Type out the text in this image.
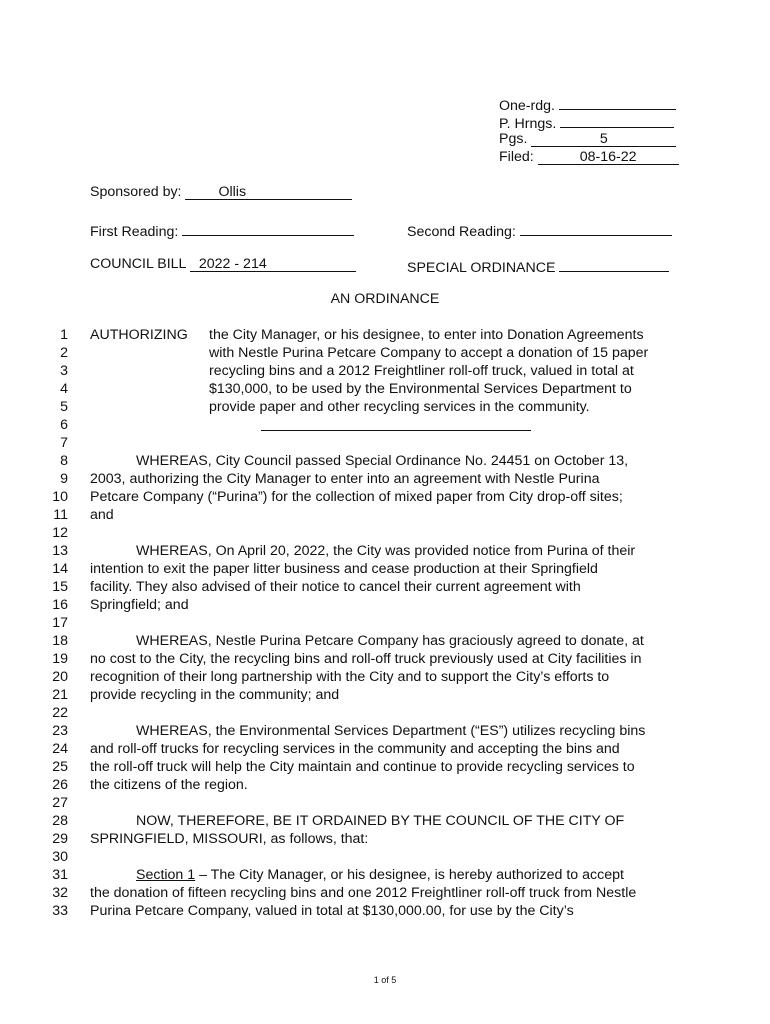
One-rdg.
P. Hrngs.
Pgs.	5
Filed:	08-16-22
Sponsored by:	Ollis
First Reading:	Second Reading:
COUNCIL BILL 2022 - 214	SPECIAL ORDINANCE
AN ORDINANCE
1
2
3
4
5
6
7
8
9
10
11
12
13
14
15
16
17
18
19
20
21
22
23
24
25
26
27
28
29
30
31
32
33
AUTHORIZING the City Manager, or his designee, to enter into Donation Agreements
with Nestle Purina Petcare Company to accept a donation of 15 paper
recycling bins and a 2012 Freightliner roll-off truck, valued in total at
$130,000, to be used by the Environmental Services Department to
provide paper and other recycling services in the community.
WHEREAS, City Council passed Special Ordinance No. 24451 on October 13,
2003, authorizing the City Manager to enter into an agreement with Nestle Purina
Petcare Company (“Purina”) for the collection of mixed paper from City drop-off sites;
and
WHEREAS, On April 20, 2022, the City was provided notice from Purina of their
intention to exit the paper litter business and cease production at their Springfield
facility. They also advised of their notice to cancel their current agreement with
Springfield; and
WHEREAS, Nestle Purina Petcare Company has graciously agreed to donate, at
no cost to the City, the recycling bins and roll-off truck previously used at City facilities in
recognition of their long partnership with the City and to support the City’s efforts to
provide recycling in the community; and
WHEREAS, the Environmental Services Department (“ES”) utilizes recycling bins
and roll-off trucks for recycling services in the community and accepting the bins and
the roll-off truck will help the City maintain and continue to provide recycling services to
the citizens of the region.
NOW, THEREFORE, BE IT ORDAINED BY THE COUNCIL OF THE CITY OF
SPRINGFIELD, MISSOURI, as follows, that:
Section 1 – The City Manager, or his designee, is hereby authorized to accept
the donation of fifteen recycling bins and one 2012 Freightliner roll-off truck from Nestle
Purina Petcare Company, valued in total at $130,000.00, for use by the City’s
1 of 5
